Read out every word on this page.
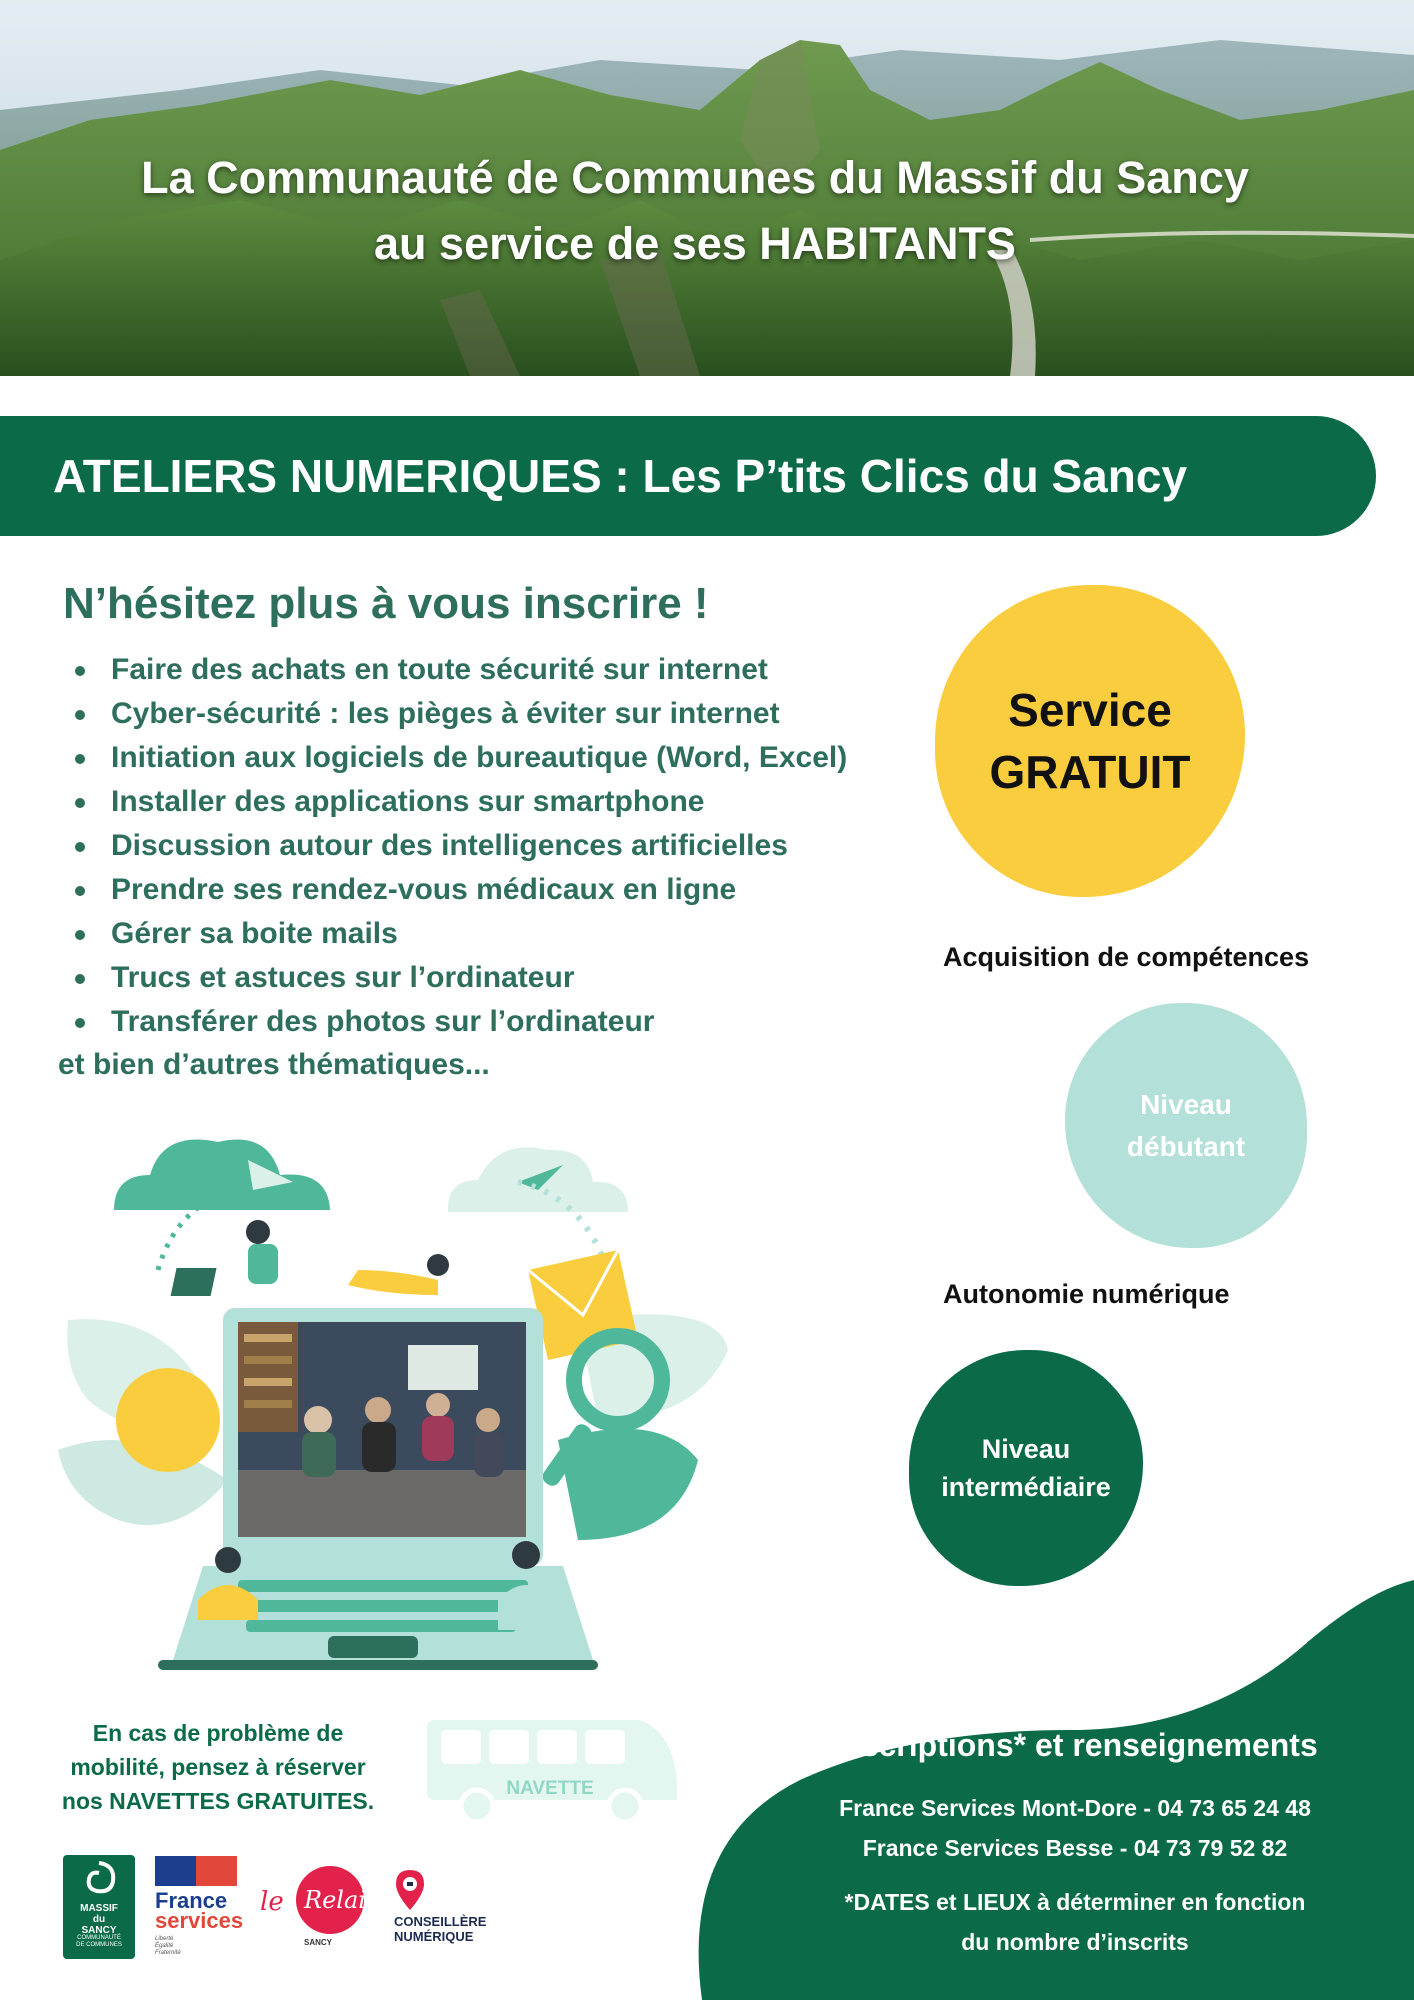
La Communauté de Communes du Massif du Sancy
au service de ses HABITANTS
ATELIERS NUMERIQUES : Les P’tits Clics du Sancy
N’hésitez plus à vous inscrire !
Faire des achats en toute sécurité sur internet
Cyber-sécurité : les pièges à éviter sur internet
Initiation aux logiciels de bureautique (Word, Excel)
Installer des applications sur smartphone
Discussion autour des intelligences artificielles
Prendre ses rendez-vous médicaux en ligne
Gérer sa boite mails
Trucs et astuces sur l’ordinateur
Transférer des photos sur l’ordinateur
et bien d’autres thématiques...
Service
GRATUIT
Acquisition de compétences
Niveau
débutant
Autonomie numérique
Niveau
intermédiaire
En cas de problème de
mobilité, pensez à réserver
nos NAVETTES GRATUITES.	NAVETTE
MASSIF
du
SANCY
COMMUNAUTÉ
DE COMMUNES
France
services
Liberté
Égalité
Fraternité
le Relais
SANCY
CONSEILLÈRE
NUMÉRIQUE
Inscriptions* et renseignements
France Services Mont-Dore - 04 73 65 24 48
France Services Besse - 04 73 79 52 82
*DATES et LIEUX à déterminer en fonction
du nombre d’inscrits
